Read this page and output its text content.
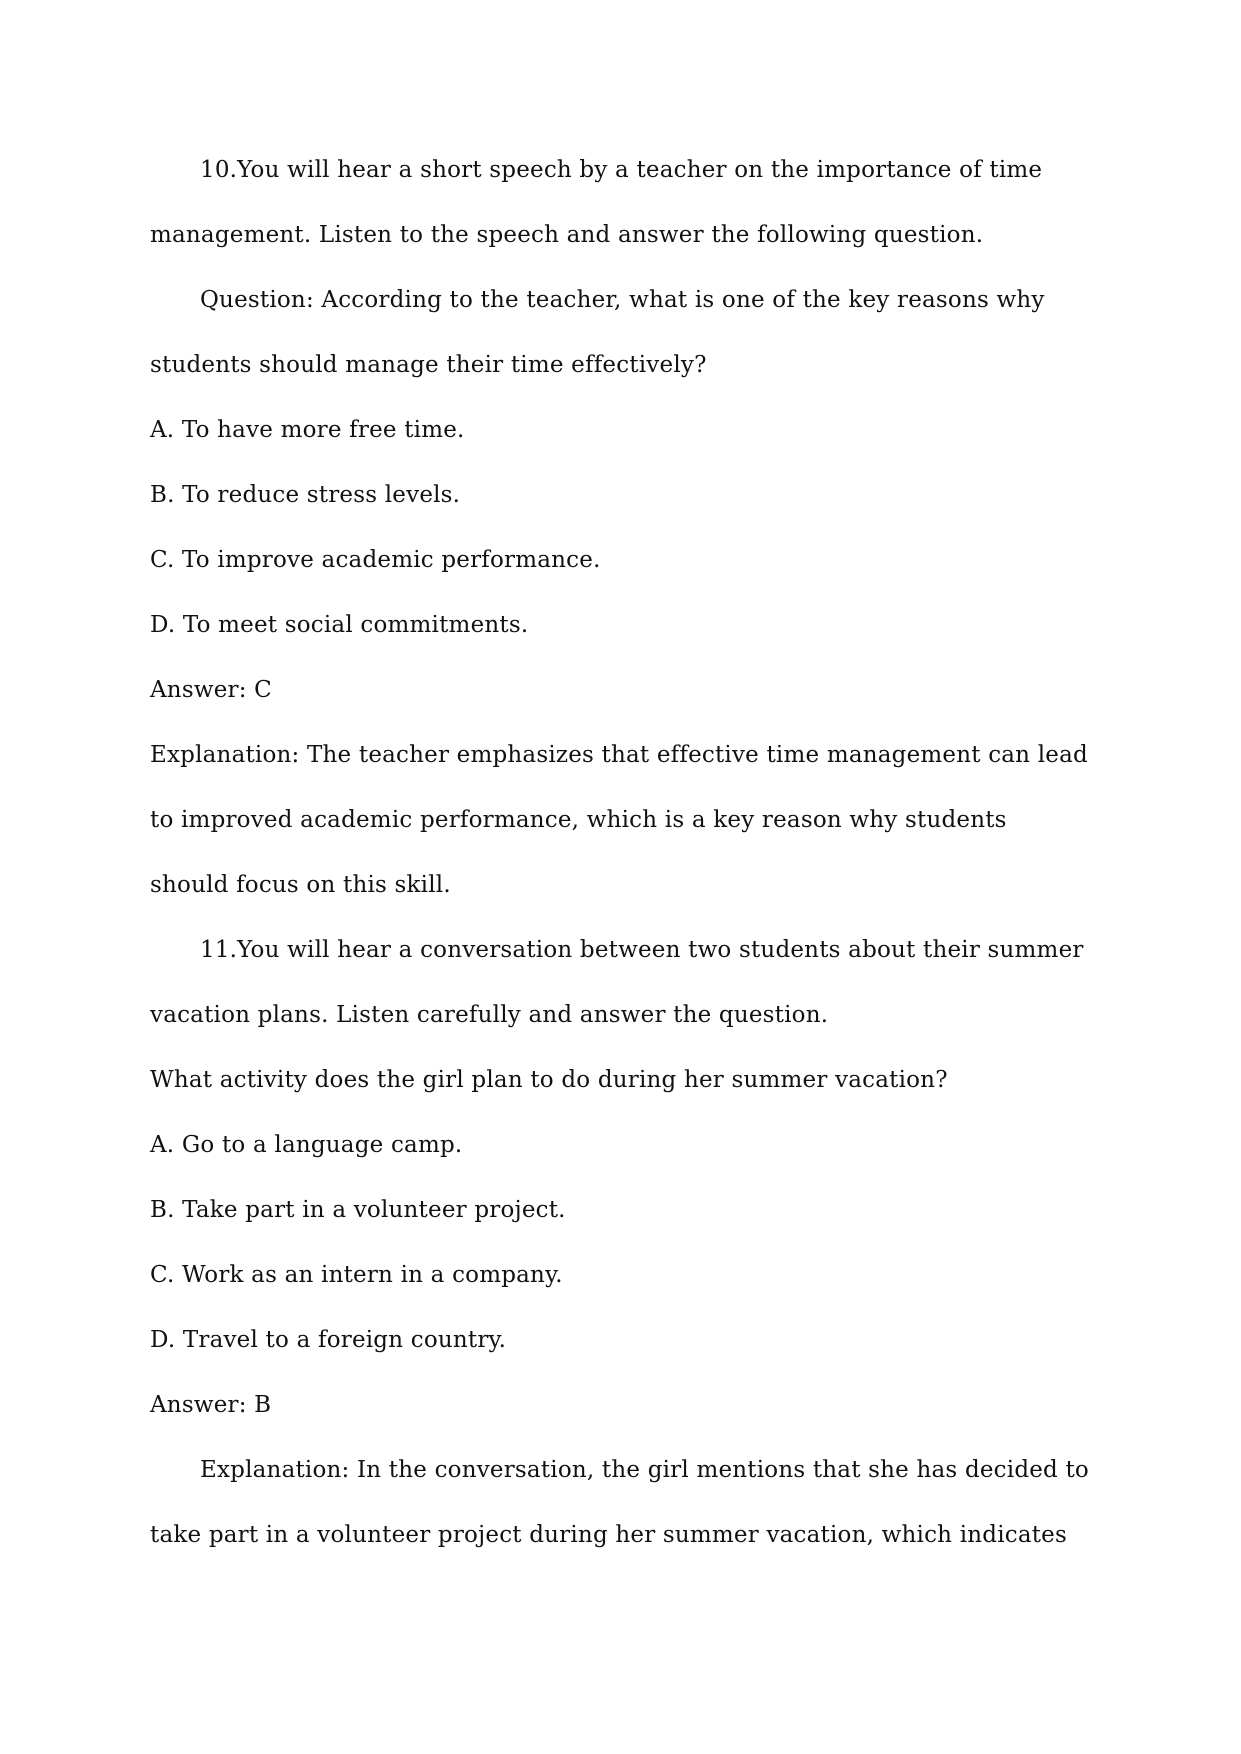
10.You will hear a short speech by a teacher on the importance of time management. Listen to the speech and answer the following question.

Question: According to the teacher, what is one of the key reasons why students should manage their time effectively?

A. To have more free time.

B. To reduce stress levels.

C. To improve academic performance.

D. To meet social commitments.

Answer: C

Explanation: The teacher emphasizes that effective time management can lead to improved academic performance, which is a key reason why students should focus on this skill.

11.You will hear a conversation between two students about their summer vacation plans. Listen carefully and answer the question.

What activity does the girl plan to do during her summer vacation?

A. Go to a language camp.

B. Take part in a volunteer project.

C. Work as an intern in a company.

D. Travel to a foreign country.

Answer: B

Explanation: In the conversation, the girl mentions that she has decided to take part in a volunteer project during her summer vacation, which indicates
